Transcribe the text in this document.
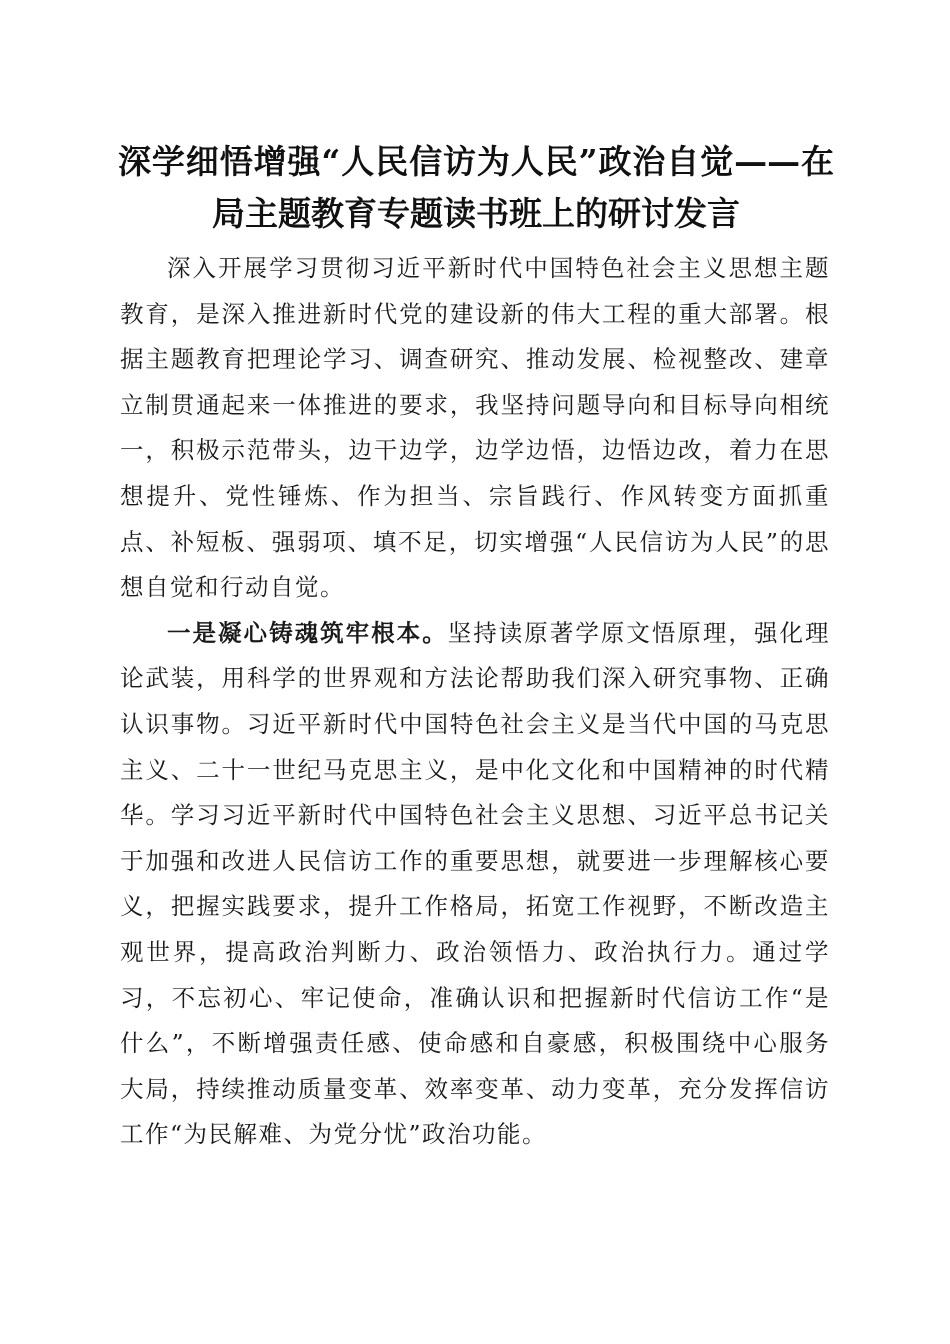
深学细悟增强“人民信访为人民”政治自觉——在局主题教育专题读书班上的研讨发言

深入开展学习贯彻习近平新时代中国特色社会主义思想主题教育，是深入推进新时代党的建设新的伟大工程的重大部署。根据主题教育把理论学习、调查研究、推动发展、检视整改、建章立制贯通起来一体推进的要求，我坚持问题导向和目标导向相统一，积极示范带头，边干边学，边学边悟，边悟边改，着力在思想提升、党性锤炼、作为担当、宗旨践行、作风转变方面抓重点、补短板、强弱项、填不足，切实增强“人民信访为人民”的思想自觉和行动自觉。

一是凝心铸魂筑牢根本。坚持读原著学原文悟原理，强化理论武装，用科学的世界观和方法论帮助我们深入研究事物、正确认识事物。习近平新时代中国特色社会主义是当代中国的马克思主义、二十一世纪马克思主义，是中化文化和中国精神的时代精华。学习习近平新时代中国特色社会主义思想、习近平总书记关于加强和改进人民信访工作的重要思想，就要进一步理解核心要义，把握实践要求，提升工作格局，拓宽工作视野，不断改造主观世界，提高政治判断力、政治领悟力、政治执行力。通过学习，不忘初心、牢记使命，准确认识和把握新时代信访工作“是什么”，不断增强责任感、使命感和自豪感，积极围绕中心服务大局，持续推动质量变革、效率变革、动力变革，充分发挥信访工作“为民解难、为党分忧”政治功能。
